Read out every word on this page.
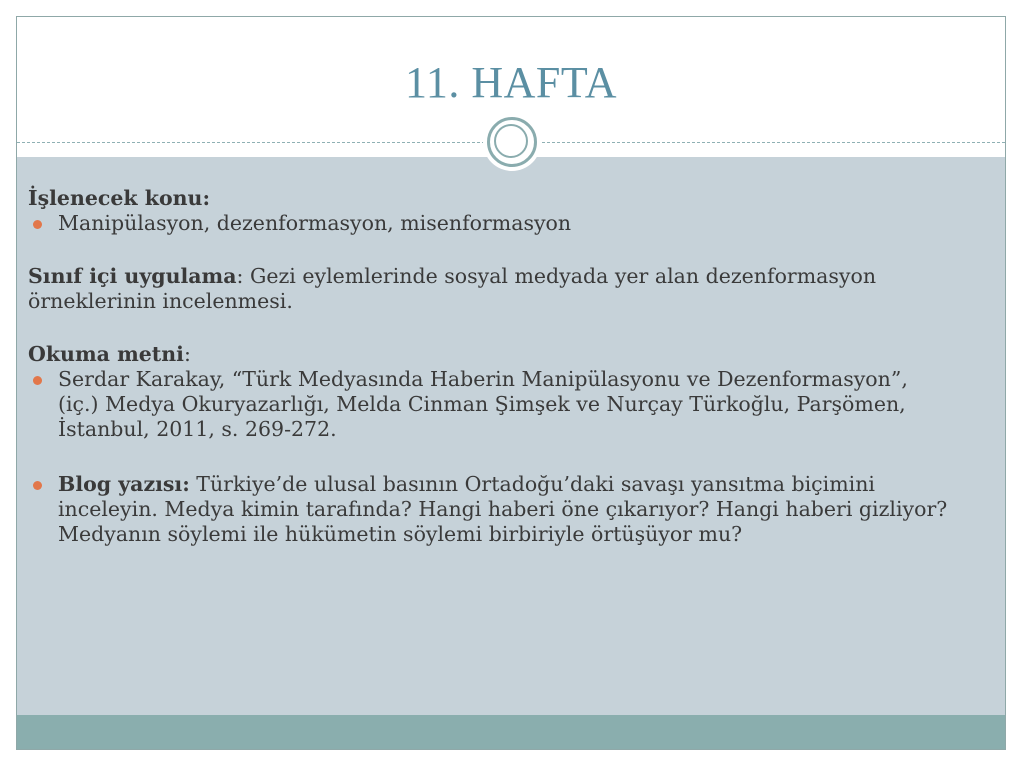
11. HAFTA

İşlenecek konu:

Manipülasyon, dezenformasyon, misenformasyon

Sınıf içi uygulama: Gezi eylemlerinde sosyal medyada yer alan dezenformasyon örneklerinin incelenmesi.

Okuma metni:

Serdar Karakay, “Türk Medyasında Haberin Manipülasyonu ve Dezenformasyon”, (iç.) Medya Okuryazarlığı, Melda Cinman Şimşek ve Nurçay Türkoğlu, Parşömen, İstanbul, 2011, s. 269-272.

Blog yazısı: Türkiye’de ulusal basının Ortadoğu’daki savaşı yansıtma biçimini inceleyin. Medya kimin tarafında? Hangi haberi öne çıkarıyor? Hangi haberi gizliyor? Medyanın söylemi ile hükümetin söylemi birbiriyle örtüşüyor mu?
